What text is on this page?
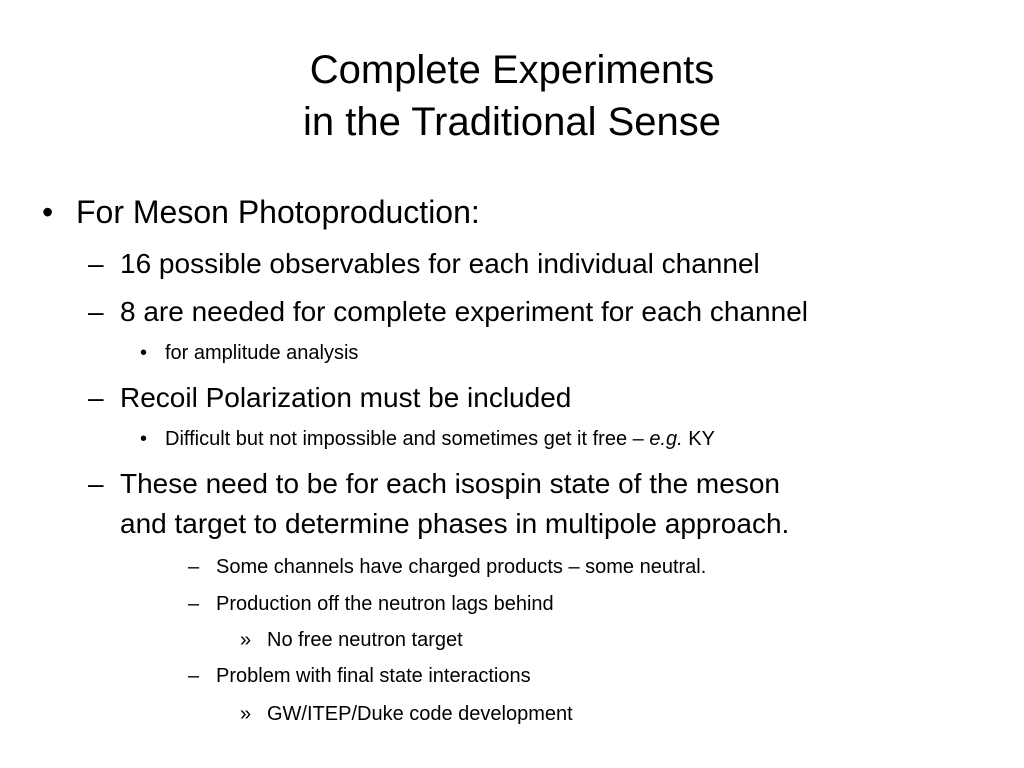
Complete Experiments
in the Traditional Sense
• For Meson Photoproduction:
– 16 possible observables for each individual channel
– 8 are needed for complete experiment for each channel
• for amplitude analysis
– Recoil Polarization must be included
• Difficult but not impossible and sometimes get it free – e.g. KY
– These need to be for each isospin state of the meson
and target to determine phases in multipole approach.
– Some channels have charged products – some neutral.
– Production off the neutron lags behind
» No free neutron target
– Problem with final state interactions
» GW/ITEP/Duke code development
